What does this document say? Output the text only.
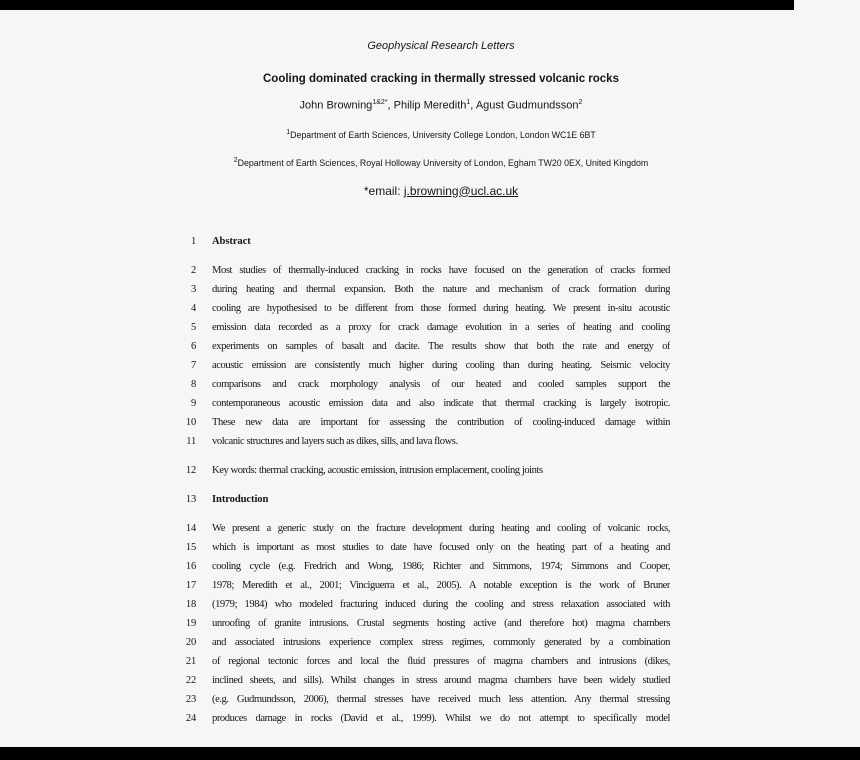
Geophysical Research Letters
Cooling dominated cracking in thermally stressed volcanic rocks
John Browning$^{1\&2*}$, Philip Meredith$^1$, Agust Gudmundsson$^2$
$^1$Department of Earth Sciences, University College London, London WC1E 6BT
$^2$Department of Earth Sciences, Royal Holloway University of London, Egham TW20 0EX, United Kingdom
*email: j.browning@ucl.ac.uk
1 Abstract
2 Most studies of thermally-induced cracking in rocks have focused on the generation of cracks formed
3 during heating and thermal expansion. Both the nature and mechanism of crack formation during
4 cooling are hypothesised to be different from those formed during heating. We present in-situ acoustic
5 emission data recorded as a proxy for crack damage evolution in a series of heating and cooling
6 experiments on samples of basalt and dacite. The results show that both the rate and energy of
7 acoustic emission are consistently much higher during cooling than during heating. Seismic velocity
8 comparisons and crack morphology analysis of our heated and cooled samples support the
9 contemporaneous acoustic emission data and also indicate that thermal cracking is largely isotropic.
10 These new data are important for assessing the contribution of cooling-induced damage within
11 volcanic structures and layers such as dikes, sills, and lava flows.
12 Key words: thermal cracking, acoustic emission, intrusion emplacement, cooling joints
13 Introduction
14 We present a generic study on the fracture development during heating and cooling of volcanic rocks,
15 which is important as most studies to date have focused only on the heating part of a heating and
16 cooling cycle (e.g. Fredrich and Wong, 1986; Richter and Simmons, 1974; Simmons and Cooper,
17 1978; Meredith et al., 2001; Vinciguerra et al., 2005). A notable exception is the work of Bruner
18 (1979; 1984) who modeled fracturing induced during the cooling and stress relaxation associated with
19 unroofing of granite intrusions. Crustal segments hosting active (and therefore hot) magma chambers
20 and associated intrusions experience complex stress regimes, commonly generated by a combination
21 of regional tectonic forces and local the fluid pressures of magma chambers and intrusions (dikes,
22 inclined sheets, and sills). Whilst changes in stress around magma chambers have been widely studied
23 (e.g. Gudmundsson, 2006), thermal stresses have received much less attention. Any thermal stressing
24 produces damage in rocks (David et al., 1999). Whilst we do not attempt to specifically model
